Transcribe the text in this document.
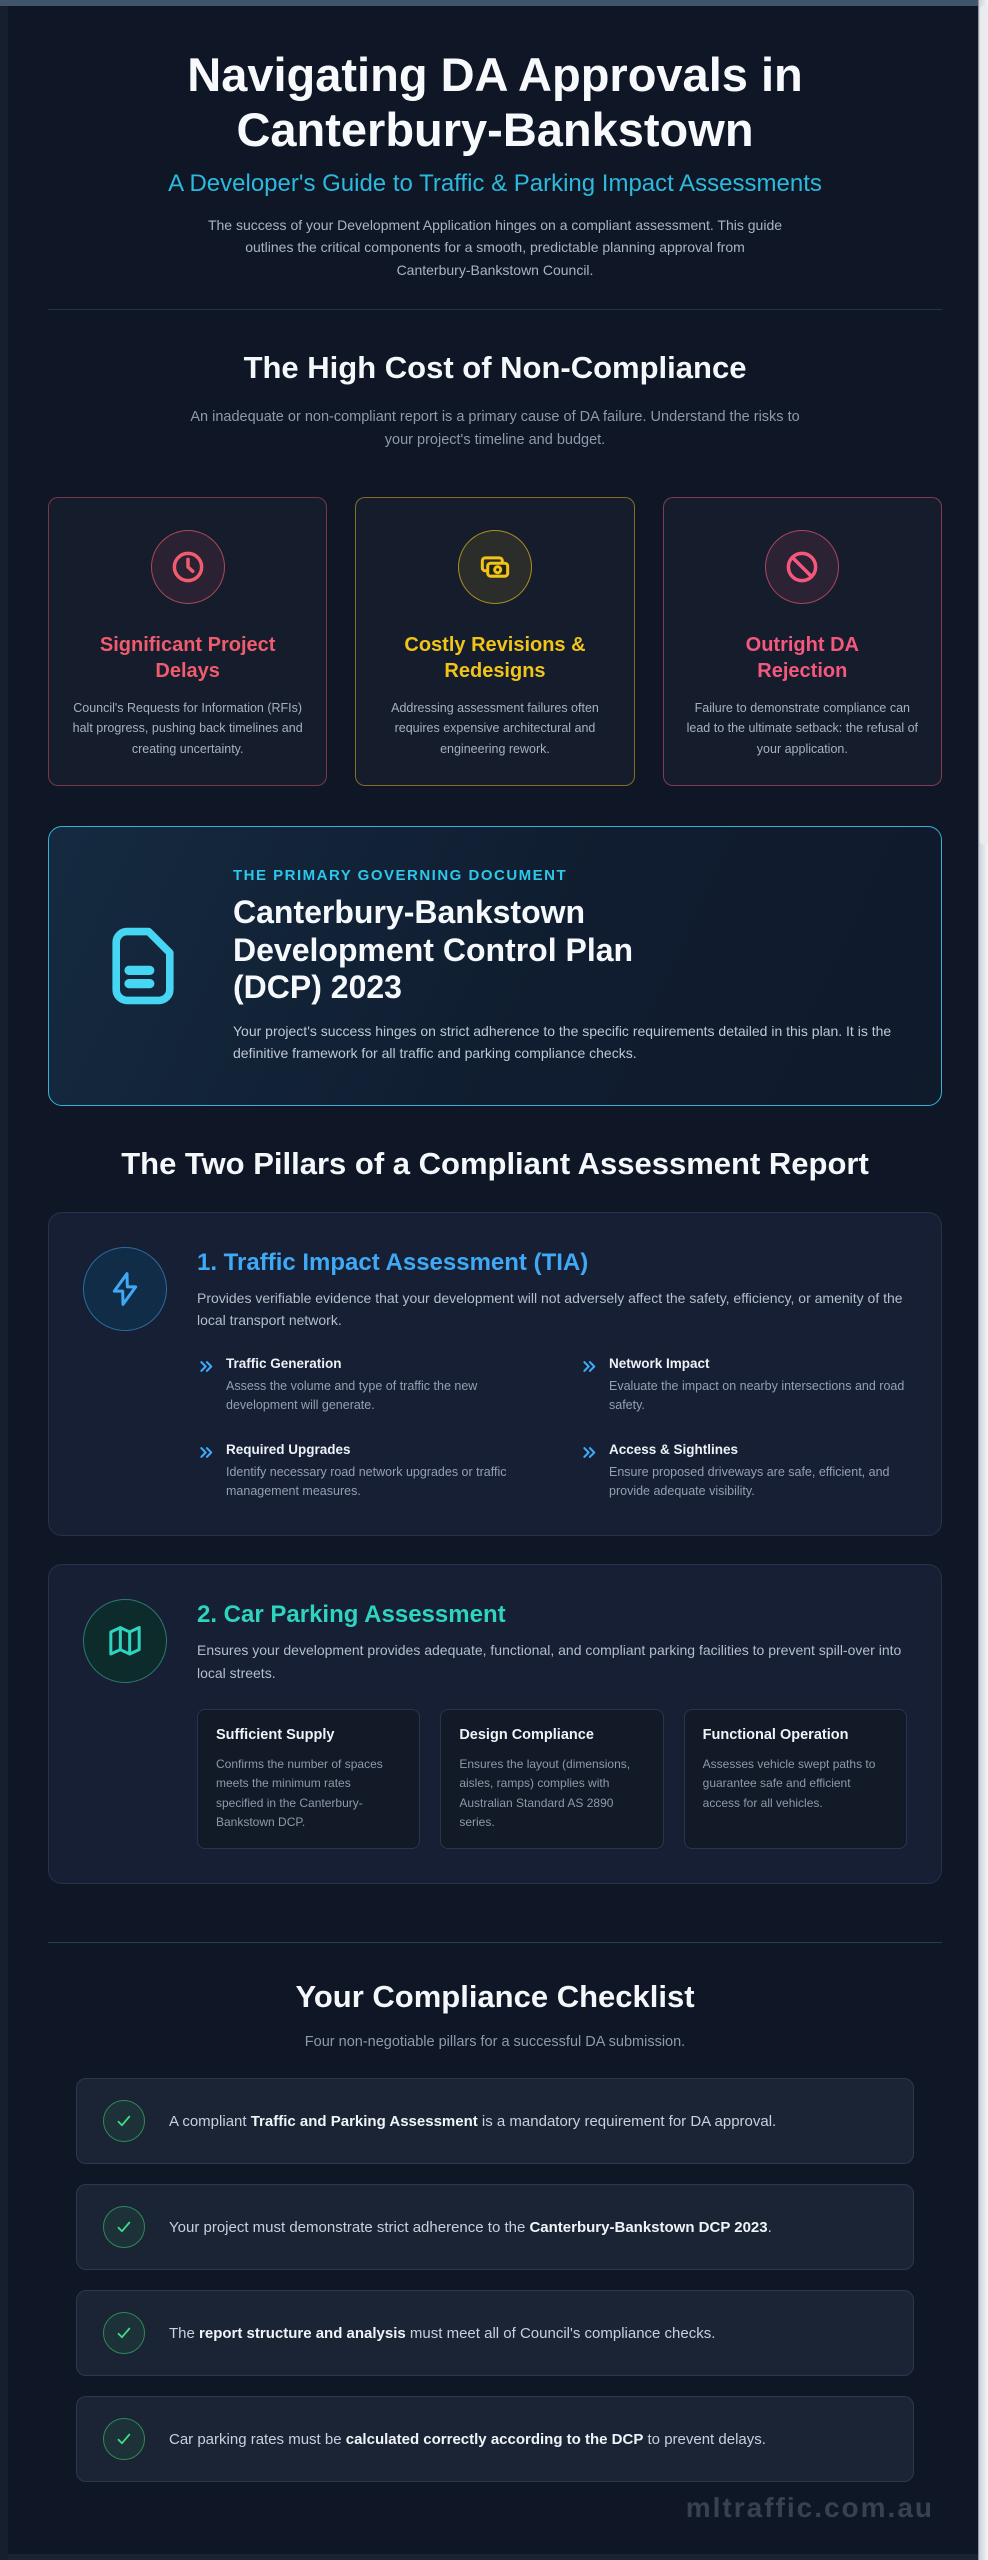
Navigating DA Approvals in Canterbury-Bankstown
A Developer's Guide to Traffic & Parking Impact Assessments

The success of your Development Application hinges on a compliant assessment. This guide outlines the critical components for a smooth, predictable planning approval from Canterbury-Bankstown Council.

The High Cost of Non-Compliance

An inadequate or non-compliant report is a primary cause of DA failure. Understand the risks to your project's timeline and budget.

Significant Project Delays

Council's Requests for Information (RFIs) halt progress, pushing back timelines and creating uncertainty.

Costly Revisions & Redesigns

Addressing assessment failures often requires expensive architectural and engineering rework.

Outright DA Rejection

Failure to demonstrate compliance can lead to the ultimate setback: the refusal of your application.

THE PRIMARY GOVERNING DOCUMENT
Canterbury-Bankstown
Development Control Plan
(DCP) 2023

Your project's success hinges on strict adherence to the specific requirements detailed in this plan. It is the definitive framework for all traffic and parking compliance checks.

The Two Pillars of a Compliant Assessment Report
1. Traffic Impact Assessment (TIA)

Provides verifiable evidence that your development will not adversely affect the safety, efficiency, or amenity of the local transport network.

Traffic Generation
Assess the volume and type of traffic the new development will generate.
Network Impact
Evaluate the impact on nearby intersections and road safety.
Required Upgrades
Identify necessary road network upgrades or traffic management measures.
Access & Sightlines
Ensure proposed driveways are safe, efficient, and provide adequate visibility.
2. Car Parking Assessment

Ensures your development provides adequate, functional, and compliant parking facilities to prevent spill-over into local streets.

Sufficient Supply
Confirms the number of spaces meets the minimum rates specified in the Canterbury-Bankstown DCP.
Design Compliance
Ensures the layout (dimensions, aisles, ramps) complies with Australian Standard AS 2890 series.
Functional Operation
Assesses vehicle swept paths to guarantee safe and efficient access for all vehicles.
Your Compliance Checklist

Four non-negotiable pillars for a successful DA submission.

A compliant Traffic and Parking Assessment is a mandatory requirement for DA approval.

Your project must demonstrate strict adherence to the Canterbury-Bankstown DCP 2023.

The report structure and analysis must meet all of Council's compliance checks.

Car parking rates must be calculated correctly according to the DCP to prevent delays.

mltraffic.com.au
